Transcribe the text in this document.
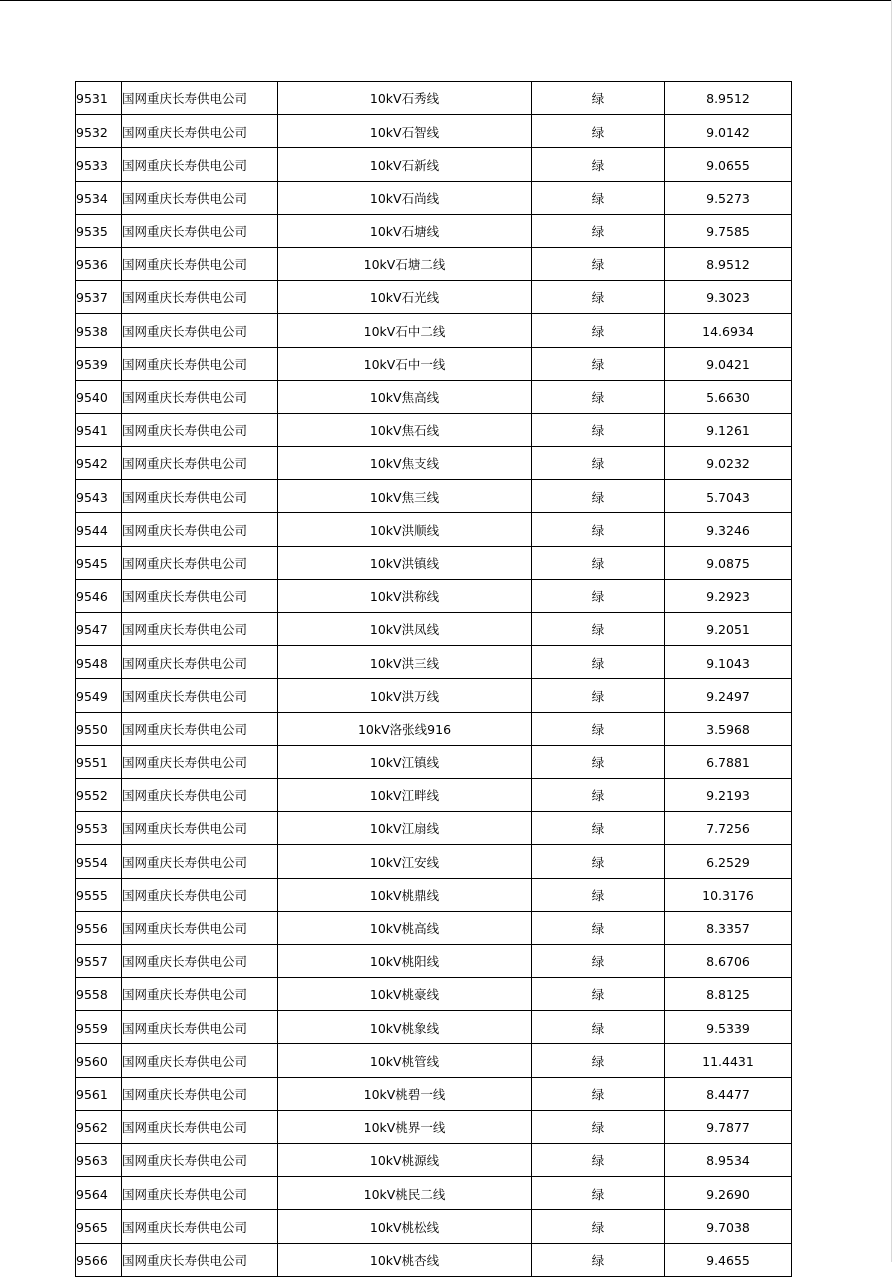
9531	国网重庆长寿供电公司	10kV石秀线	绿	8.9512
9532	国网重庆长寿供电公司	10kV石智线	绿	9.0142
9533	国网重庆长寿供电公司	10kV石新线	绿	9.0655
9534	国网重庆长寿供电公司	10kV石尚线	绿	9.5273
9535	国网重庆长寿供电公司	10kV石塘线	绿	9.7585
9536	国网重庆长寿供电公司	10kV石塘二线	绿	8.9512
9537	国网重庆长寿供电公司	10kV石光线	绿	9.3023
9538	国网重庆长寿供电公司	10kV石中二线	绿	14.6934
9539	国网重庆长寿供电公司	10kV石中一线	绿	9.0421
9540	国网重庆长寿供电公司	10kV焦高线	绿	5.6630
9541	国网重庆长寿供电公司	10kV焦石线	绿	9.1261
9542	国网重庆长寿供电公司	10kV焦支线	绿	9.0232
9543	国网重庆长寿供电公司	10kV焦三线	绿	5.7043
9544	国网重庆长寿供电公司	10kV洪顺线	绿	9.3246
9545	国网重庆长寿供电公司	10kV洪镇线	绿	9.0875
9546	国网重庆长寿供电公司	10kV洪称线	绿	9.2923
9547	国网重庆长寿供电公司	10kV洪凤线	绿	9.2051
9548	国网重庆长寿供电公司	10kV洪三线	绿	9.1043
9549	国网重庆长寿供电公司	10kV洪万线	绿	9.2497
9550	国网重庆长寿供电公司	10kV洛张线916	绿	3.5968
9551	国网重庆长寿供电公司	10kV江镇线	绿	6.7881
9552	国网重庆长寿供电公司	10kV江畔线	绿	9.2193
9553	国网重庆长寿供电公司	10kV江扇线	绿	7.7256
9554	国网重庆长寿供电公司	10kV江安线	绿	6.2529
9555	国网重庆长寿供电公司	10kV桃鼎线	绿	10.3176
9556	国网重庆长寿供电公司	10kV桃高线	绿	8.3357
9557	国网重庆长寿供电公司	10kV桃阳线	绿	8.6706
9558	国网重庆长寿供电公司	10kV桃豪线	绿	8.8125
9559	国网重庆长寿供电公司	10kV桃象线	绿	9.5339
9560	国网重庆长寿供电公司	10kV桃管线	绿	11.4431
9561	国网重庆长寿供电公司	10kV桃碧一线	绿	8.4477
9562	国网重庆长寿供电公司	10kV桃界一线	绿	9.7877
9563	国网重庆长寿供电公司	10kV桃源线	绿	8.9534
9564	国网重庆长寿供电公司	10kV桃民二线	绿	9.2690
9565	国网重庆长寿供电公司	10kV桃松线	绿	9.7038
9566	国网重庆长寿供电公司	10kV桃杏线	绿	9.4655
